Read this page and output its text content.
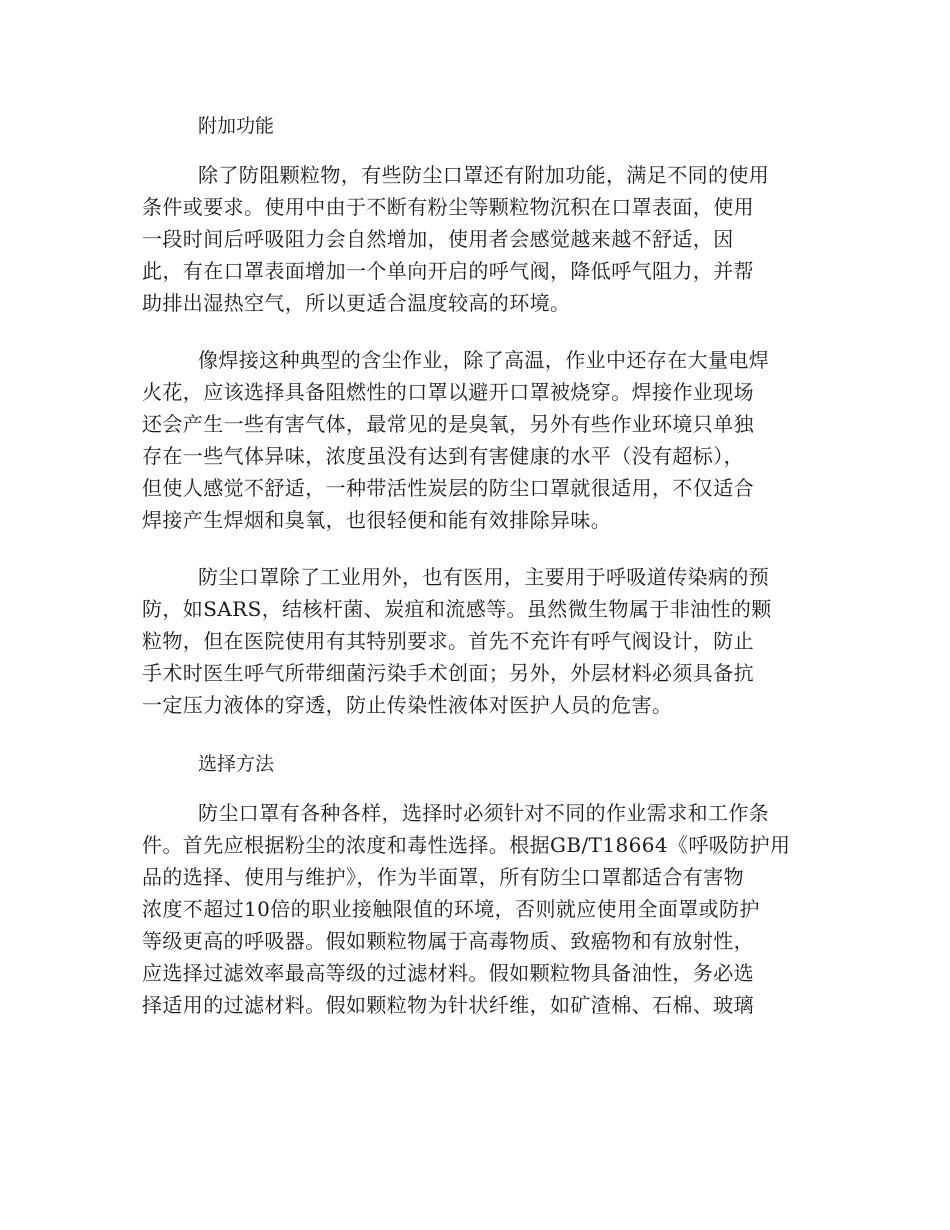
附加功能
除了防阻颗粒物，有些防尘口罩还有附加功能，满足不同的使用
条件或要求。使用中由于不断有粉尘等颗粒物沉积在口罩表面，使用
一段时间后呼吸阻力会自然增加，使用者会感觉越来越不舒适，因
此，有在口罩表面增加一个单向开启的呼气阀，降低呼气阻力，并帮
助排出湿热空气，所以更适合温度较高的环境。
像焊接这种典型的含尘作业，除了高温，作业中还存在大量电焊
火花，应该选择具备阻燃性的口罩以避开口罩被烧穿。焊接作业现场
还会产生一些有害气体，最常见的是臭氧，另外有些作业环境只单独
存在一些气体异味，浓度虽没有达到有害健康的水平（没有超标），
但使人感觉不舒适，一种带活性炭层的防尘口罩就很适用，不仅适合
焊接产生焊烟和臭氧，也很轻便和能有效排除异味。
防尘口罩除了工业用外，也有医用，主要用于呼吸道传染病的预
防，如SARS，结核杆菌、炭疽和流感等。虽然微生物属于非油性的颗
粒物，但在医院使用有其特别要求。首先不充许有呼气阀设计，防止
手术时医生呼气所带细菌污染手术创面；另外，外层材料必须具备抗
一定压力液体的穿透，防止传染性液体对医护人员的危害。
选择方法
防尘口罩有各种各样，选择时必须针对不同的作业需求和工作条
件。首先应根据粉尘的浓度和毒性选择。根据GB/T18664《呼吸防护用
品的选择、使用与维护》，作为半面罩，所有防尘口罩都适合有害物
浓度不超过10倍的职业接触限值的环境，否则就应使用全面罩或防护
等级更高的呼吸器。假如颗粒物属于高毒物质、致癌物和有放射性，
应选择过滤效率最高等级的过滤材料。假如颗粒物具备油性，务必选
择适用的过滤材料。假如颗粒物为针状纤维，如矿渣棉、石棉、玻璃
